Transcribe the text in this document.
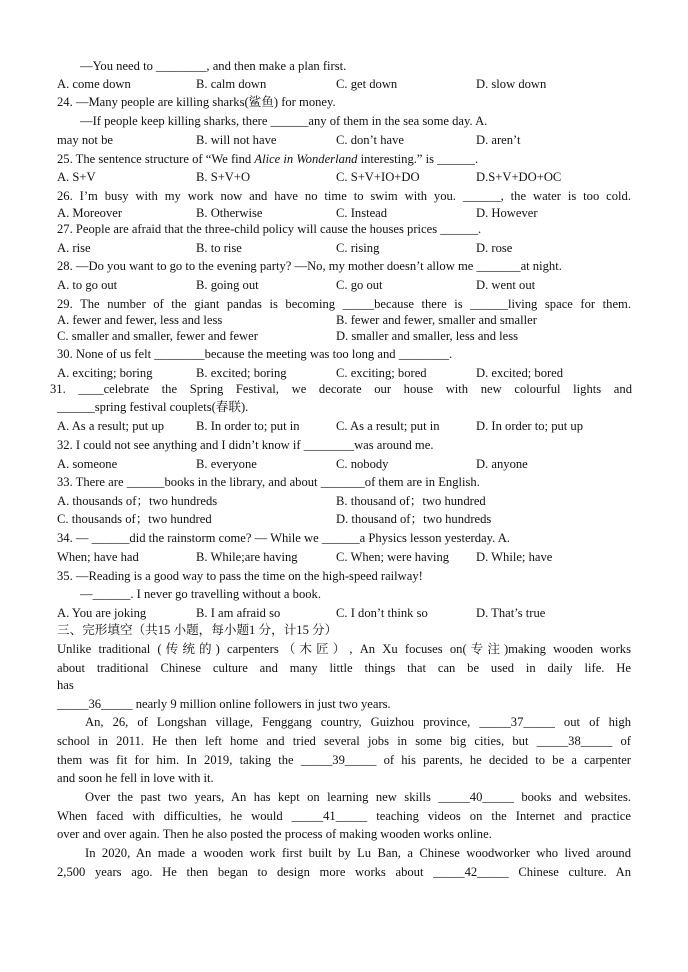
—You need to ________, and then make a plan first.
A. come down	B. calm down	C. get down	D. slow down
24. —Many people are killing sharks(鲨鱼) for money.
—If people keep killing sharks, there ______any of them in the sea some day. A.
may not be	B. will not have	C. don’t have	D. aren’t
25. The sentence structure of “We find Alice in Wonderland interesting.” is ______.
A. S+V	B. S+V+O	C. S+V+IO+DO	D.S+V+DO+OC
26. I’m busy with my work now and have no time to swim with you. ______, the water is too cold.
A. Moreover	B. Otherwise	C. Instead	D. However
27. People are afraid that the three-child policy will cause the houses prices ______.
A. rise	B. to rise	C. rising	D. rose
28. —Do you want to go to the evening party? —No, my mother doesn’t allow me _______at night.
A. to go out	B. going out	C. go out	D. went out
29. The number of the giant pandas is becoming _____because there is ______living space for them.
A. fewer and fewer, less and less	B. fewer and fewer, smaller and smaller
C. smaller and smaller, fewer and fewer	D. smaller and smaller, less and less
30. None of us felt ________because the meeting was too long and ________.
A. exciting; boring	B. excited; boring	C. exciting; bored	D. excited; bored
31. ____celebrate the Spring Festival, we decorate our house with new colourful lights and
______spring festival couplets(春联).
A. As a result; put up	B. In order to; put in	C. As a result; put in	D. In order to; put up
32. I could not see anything and I didn’t know if ________was around me.
A. someone	B. everyone	C. nobody	D. anyone
33. There are ______books in the library, and about _______of them are in English.
A. thousands of；two hundreds	B. thousand of；two hundred
C. thousands of；two hundred	D. thousand of；two hundreds
34. — ______did the rainstorm come? — While we ______a Physics lesson yesterday. A.
When; have had	B. While;are having	C. When; were having D. While; have
35. —Reading is a good way to pass the time on the high-speed railway!
—______. I never go travelling without a book.
A. You are joking	B. I am afraid so	C. I don’t think so	D. That’s true
三、完形填空（共15 小题，每小题1 分，计15 分）
Unlike traditional (传统的) carpenters（木匠）, An Xu focuses on(专注)making wooden works
about traditional Chinese culture and many little things that can be used in daily life. He
has
_____36_____ nearly 9 million online followers in just two years.
An, 26, of Longshan village, Fenggang country, Guizhou province, _____37_____ out of high
school in 2011. He then left home and tried several jobs in some big cities, but _____38_____ of
them was fit for him. In 2019, taking the _____39_____ of his parents, he decided to be a carpenter
and soon he fell in love with it.
Over the past two years, An has kept on learning new skills _____40_____ books and websites.
When faced with difficulties, he would _____41_____ teaching videos on the Internet and practice
over and over again. Then he also posted the process of making wooden works online.
In 2020, An made a wooden work first built by Lu Ban, a Chinese woodworker who lived around
2,500 years ago. He then began to design more works about _____42_____ Chinese culture. An
